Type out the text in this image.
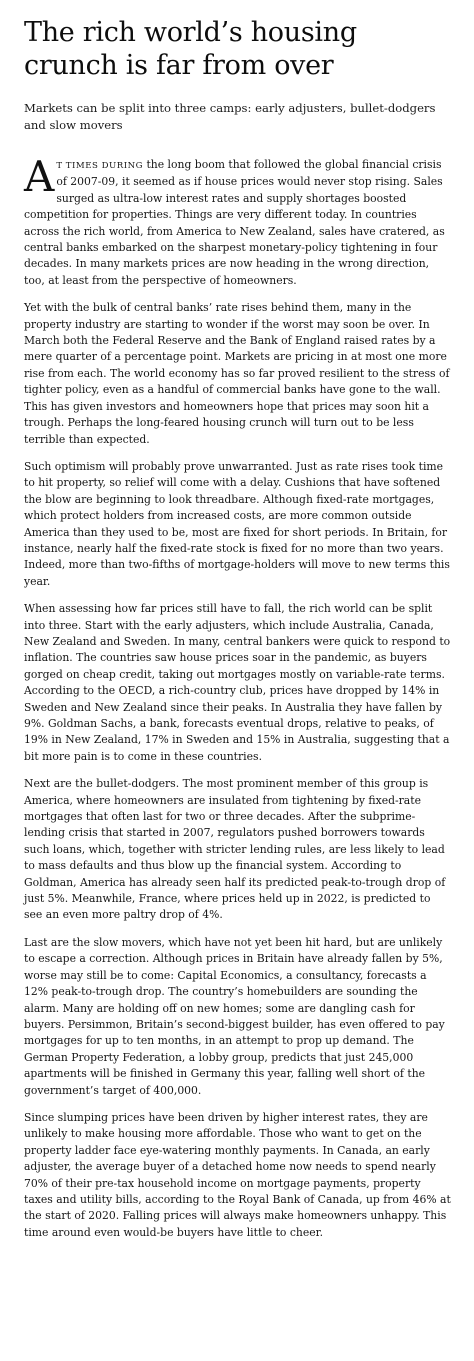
The rich world’s housing crunch is far from over

Markets can be split into three camps: early adjusters, bullet-dodgers and slow movers

AT TIMES DURING the long boom that followed the global financial crisis of 2007-09, it seemed as if house prices would never stop rising. Sales surged as ultra-low interest rates and supply shortages boosted competition for properties. Things are very different today. In countries across the rich world, from America to New Zealand, sales have cratered, as central banks embarked on the sharpest monetary-policy tightening in four decades. In many markets prices are now heading in the wrong direction, too, at least from the perspective of homeowners.

Yet with the bulk of central banks’ rate rises behind them, many in the property industry are starting to wonder if the worst may soon be over. In March both the Federal Reserve and the Bank of England raised rates by a mere quarter of a percentage point. Markets are pricing in at most one more rise from each. The world economy has so far proved resilient to the stress of tighter policy, even as a handful of commercial banks have gone to the wall. This has given investors and homeowners hope that prices may soon hit a trough. Perhaps the long-feared housing crunch will turn out to be less terrible than expected.

Such optimism will probably prove unwarranted. Just as rate rises took time to hit property, so relief will come with a delay. Cushions that have softened the blow are beginning to look threadbare. Although fixed-rate mortgages, which protect holders from increased costs, are more common outside America than they used to be, most are fixed for short periods. In Britain, for instance, nearly half the fixed-rate stock is fixed for no more than two years. Indeed, more than two-fifths of mortgage-holders will move to new terms this year.

When assessing how far prices still have to fall, the rich world can be split into three. Start with the early adjusters, which include Australia, Canada, New Zealand and Sweden. In many, central bankers were quick to respond to inflation. The countries saw house prices soar in the pandemic, as buyers gorged on cheap credit, taking out mortgages mostly on variable-rate terms. According to the OECD, a rich-country club, prices have dropped by 14% in Sweden and New Zealand since their peaks. In Australia they have fallen by 9%. Goldman Sachs, a bank, forecasts eventual drops, relative to peaks, of 19% in New Zealand, 17% in Sweden and 15% in Australia, suggesting that a bit more pain is to come in these countries.

Next are the bullet-dodgers. The most prominent member of this group is America, where homeowners are insulated from tightening by fixed-rate mortgages that often last for two or three decades. After the subprime-lending crisis that started in 2007, regulators pushed borrowers towards such loans, which, together with stricter lending rules, are less likely to lead to mass defaults and thus blow up the financial system. According to Goldman, America has already seen half its predicted peak-to-trough drop of just 5%. Meanwhile, France, where prices held up in 2022, is predicted to see an even more paltry drop of 4%.

Last are the slow movers, which have not yet been hit hard, but are unlikely to escape a correction. Although prices in Britain have already fallen by 5%, worse may still be to come: Capital Economics, a consultancy, forecasts a 12% peak-to-trough drop. The country’s homebuilders are sounding the alarm. Many are holding off on new homes; some are dangling cash for buyers. Persimmon, Britain’s second-biggest builder, has even offered to pay mortgages for up to ten months, in an attempt to prop up demand. The German Property Federation, a lobby group, predicts that just 245,000 apartments will be finished in Germany this year, falling well short of the government’s target of 400,000.

Since slumping prices have been driven by higher interest rates, they are unlikely to make housing more affordable. Those who want to get on the property ladder face eye-watering monthly payments. In Canada, an early adjuster, the average buyer of a detached home now needs to spend nearly 70% of their pre-tax household income on mortgage payments, property taxes and utility bills, according to the Royal Bank of Canada, up from 46% at the start of 2020. Falling prices will always make homeowners unhappy. This time around even would-be buyers have little to cheer.
